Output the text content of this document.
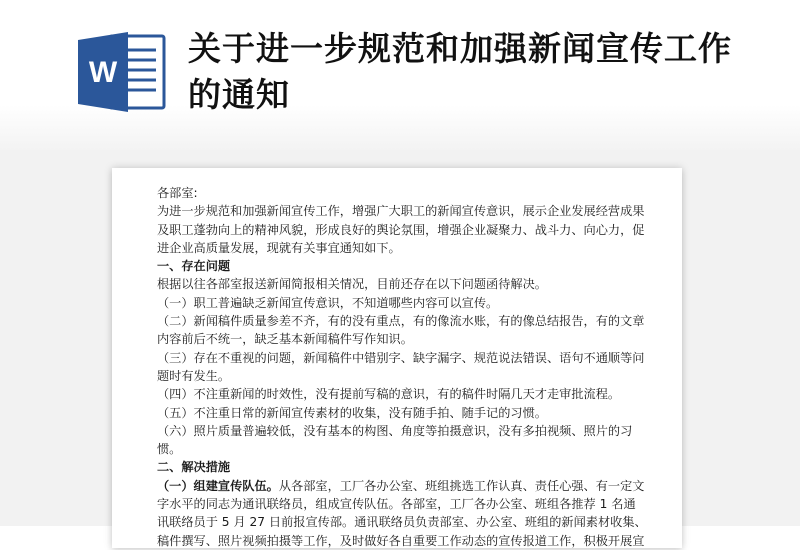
W
关于进一步规范和加强新闻宣传工作的通知

各部室:

为进一步规范和加强新闻宣传工作，增强广大职工的新闻宣传意识，展示企业发展经营成果及职工蓬勃向上的精神风貌，形成良好的舆论氛围，增强企业凝聚力、战斗力、向心力，促进企业高质量发展，现就有关事宜通知如下。

一、存在问题

根据以往各部室报送新闻简报相关情况，目前还存在以下问题函待解决。

（一）职工普遍缺乏新闻宣传意识，不知道哪些内容可以宣传。

（二）新闻稿件质量参差不齐，有的没有重点，有的像流水账，有的像总结报告，有的文章内容前后不统一，缺乏基本新闻稿件写作知识。

（三）存在不重视的问题，新闻稿件中错别字、缺字漏字、规范说法错误、语句不通顺等问题时有发生。

（四）不注重新闻的时效性，没有提前写稿的意识，有的稿件时隔几天才走审批流程。

（五）不注重日常的新闻宣传素材的收集，没有随手拍、随手记的习惯。

（六）照片质量普遍较低，没有基本的构图、角度等拍摄意识，没有多拍视频、照片的习惯。

二、解决措施

（一）组建宣传队伍。从各部室，工厂各办公室、班组挑选工作认真、责任心强、有一定文字水平的同志为通讯联络员，组成宣传队伍。各部室，工厂各办公室、班组各推荐 1 名通讯联络员于 5 月 27 日前报宣传部。通讯联络员负责部室、办公室、班组的新闻素材收集、稿件撰写、照片视频拍摄等工作，及时做好各自重要工作动态的宣传报道工作，积极开展宣
